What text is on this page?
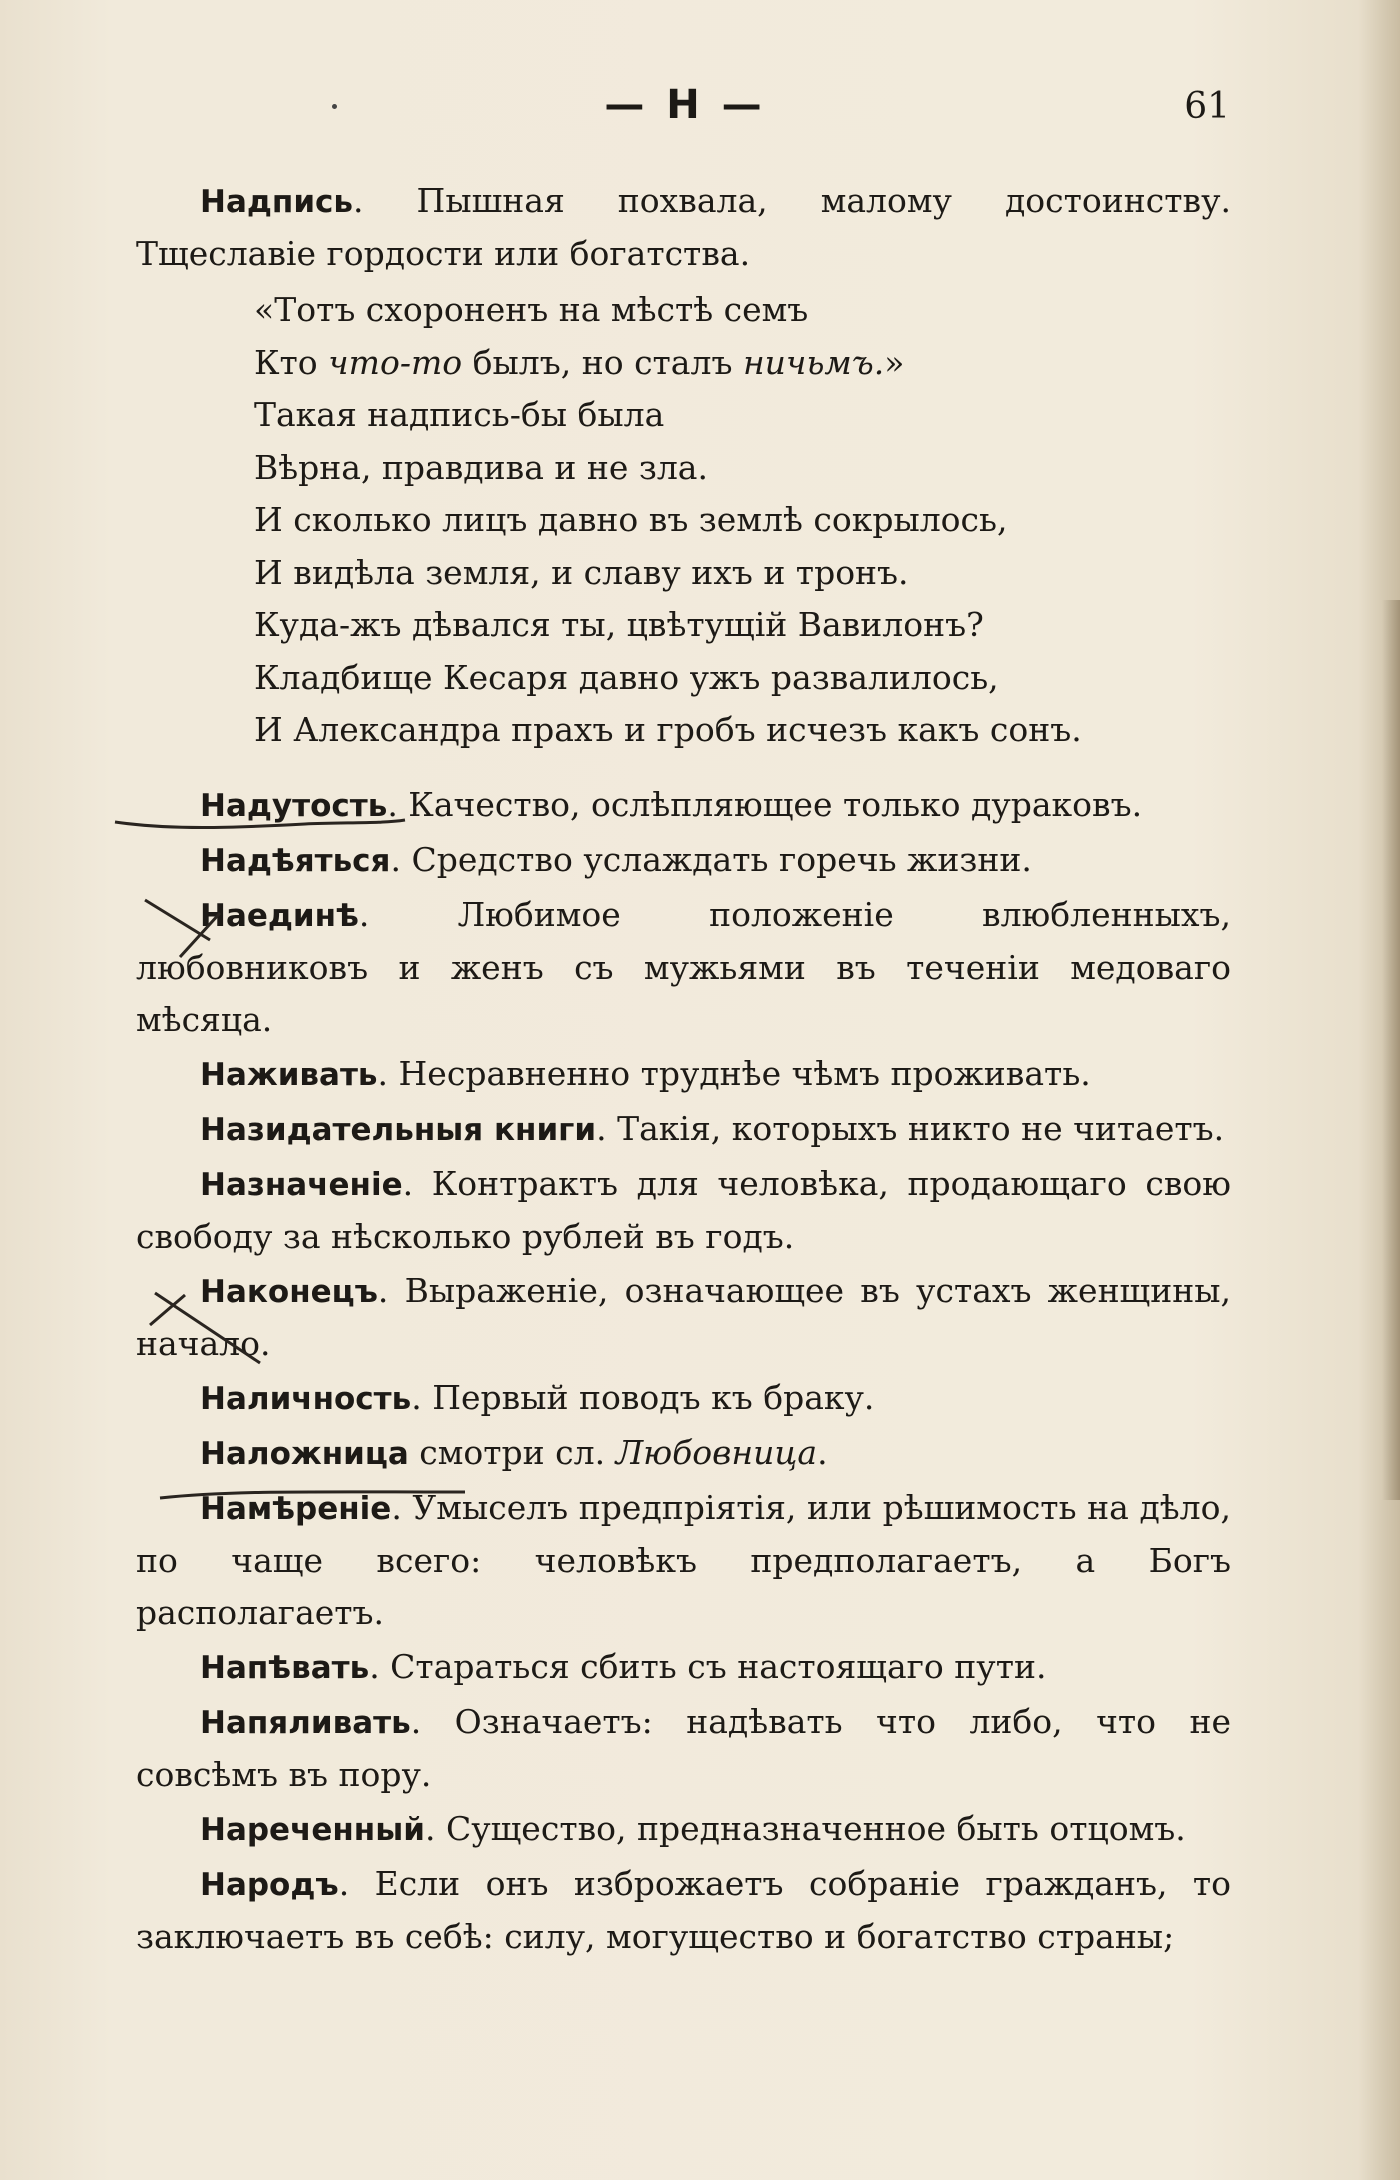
— Н —	61

Надпись. Пышная похвала, малому достоинству. Тщеславіе гордости или богатства.

«Тотъ схороненъ на мѣстѣ семъ
Кто что-то былъ, но сталъ ничьмъ.»
Такая надпись-бы была
Вѣрна, правдива и не зла.
И сколько лицъ давно въ землѣ сокрылось,
И видѣла земля, и славу ихъ и тронъ.
Куда-жъ дѣвался ты, цвѣтущій Вавилонъ?
Кладбище Кесаря давно ужъ развалилось,
И Александра прахъ и гробъ исчезъ какъ сонъ.

Надутость. Качество, ослѣпляющее только дураковъ.

Надѣяться. Средство услаждать горечь жизни.

Наединѣ. Любимое положеніе влюбленныхъ, любовниковъ и женъ съ мужьями въ теченіи медоваго мѣсяца.

Наживать. Несравненно труднѣе чѣмъ проживать.

Назидательныя книги. Такія, которыхъ никто не читаетъ.

Назначеніе. Контрактъ для человѣка, продающаго свою свободу за нѣсколько рублей въ годъ.

Наконецъ. Выраженіе, означающее въ устахъ женщины, начало.

Наличность. Первый поводъ къ браку.

Наложница смотри сл. Любовница.

Намѣреніе. Умыселъ предпріятія, или рѣшимость на дѣло, по чаще всего: человѣкъ предполагаетъ, а Богъ располагаетъ.

Напѣвать. Стараться сбить съ настоящаго пути.

Напяливать. Означаетъ: надѣвать что либо, что не совсѣмъ въ пору.

Нареченный. Существо, предназначенное быть отцомъ.

Народъ. Если онъ изброжаетъ собраніе гражданъ, то заключаетъ въ себѣ: силу, могущество и богатство страны;
